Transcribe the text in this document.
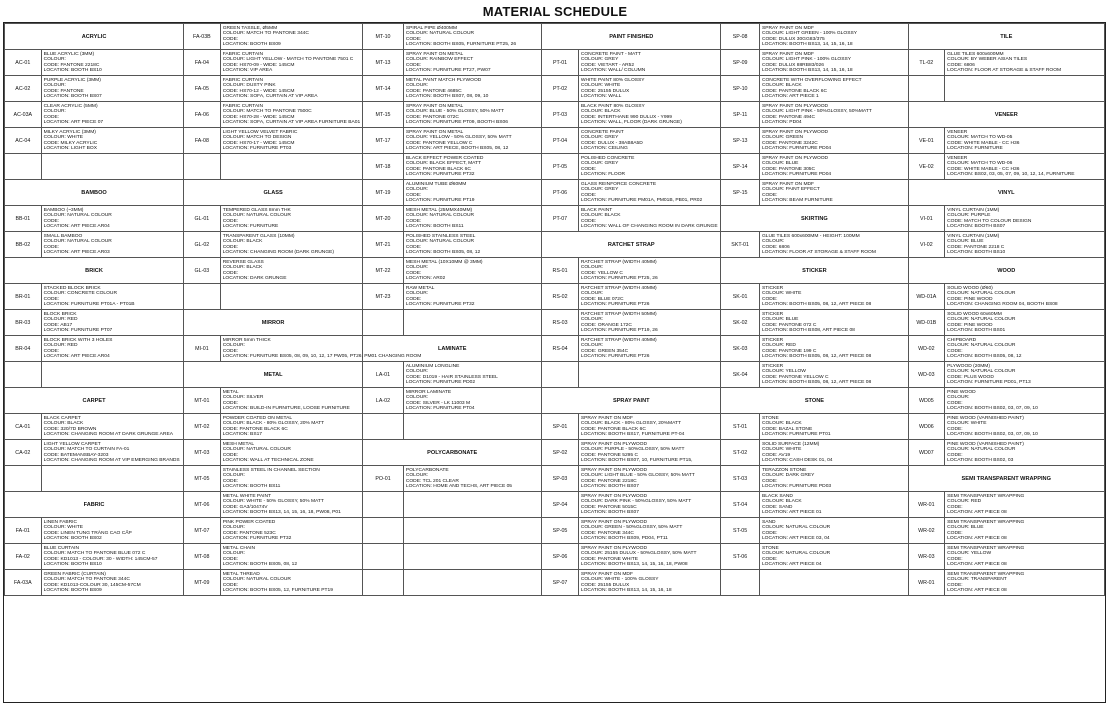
MATERIAL SCHEDULE
ACRYLIC		FA-03B	GREEN TASSLE, Ø5MM
COLOUR: MATCH TO PANTONE 344C
CODE:
LOCATION: BOOTH BS09	MT-10	SPIRAL PIPE Ø400MM
COLOUR: NATURAL COLOUR
CODE:
LOCATION: BOOTH BS05, FURNITURE PT25, 26	PAINT FINISHED		SP-08	SPRAY PAINT ON MDF
COLOUR: LIGHT GREEN - 100% GLOSSY
CODE: DULUX 30GG83/375
LOCATION: BOOTH BS13, 14, 15, 16, 18	TILE	
AC-01	BLUE ACRYLIC (3MM)
COLOUR:
CODE: PANTONE 2218C
LOCATION: BOOTH BS10	FA-04	FABRIC CURTAIN
COLOUR: LIGHT YELLOW - MATCH TO PANTONE 7501 C
CODE: HS70-09 - WIDE: 145CM
LOCATION: VIP AREA	MT-13	SPRAY PAINT ON METAL
COLOUR: RAINBOW EFFECT
CODE:
LOCATION: FURNITURE PT27, PW07	PT-01	CONCRETE PAINT - MATT
COLOUR: GREY
CODE: VIETART - AR52
LOCATION: WALL/ COLUMN	SP-09	SPRAY PAINT ON MDF
COLOUR: LIGHT PINK - 100% GLOSSY
CODE: DULUX 88RB83/026
LOCATION: BOOTH BS13, 14, 15, 16, 18	TL-02	GLUE TILES 600x600MM
COLOUR: BY WEBER ASIAN TILES
CODE: 6806
LOCATION: FLOOR AT STORAGE & STAFF ROOM

AC-02	PURPLE ACRYLIC (3MM)
COLOUR:
CODE: PANTONE
LOCATION: BOOTH BS07	FA-05	FABRIC CURTAIN
COLOUR: DUSTY PINK
CODE: HS70-12 - WIDE: 145CM
LOCATION: SOFA, CURTAIN AT VIP AREA	MT-14	METAL PAINT MATCH PLYWOOD
COLOUR:
CODE: PANTONE 4685C
LOCATION: BOOTH BS07, 08, 09, 10	PT-02	WHITE PAINT 80% GLOSSY
COLOUR: WHITE
CODE: 25155 DULUX
LOCATION: WALL	SP-10	CONCRETE WITH OVERFLOWING EFFECT
COLOUR: BLACK
CODE: PANTONE BLACK 6C
LOCATION: ART PIECE 1		

AC-03A	CLEAR ACRYLIC (5MM)
COLOUR:
CODE:
LOCATION: ART PIECE 07	FA-06	FABRIC CURTAIN
COLOUR: MATCH TO PANTONE 7500C
CODE: HS70-28 - WIDE: 145CM
LOCATION: SOFA, CURTAIN AT VIP AREA FURNITURE BA01	MT-15	SPRAY PAINT ON METAL
COLOUR: BLUE - 50% GLOSSY, 50% MATT
CODE: PANTONE 072C
LOCATION: FURNITURE PT09, BOOTH BS06	PT-03	BLACK PAINT 80% GLOSSY
COLOUR: BLACK
CODE: INTERTHANE 990 DULUX - Y999
LOCATION: WALL, FLOOR (DARK GRUNGE)	SP-11	SPRAY PAINT ON PLYWOOD
COLOUR: LIGHT PINK - 50%GLOSSY, 50%MATT
CODE: PANTONE 494C
LOCATION: PD04	VENEER	
AC-04	MILKY ACRYLIC (3MM)
COLOUR: WHITE
CODE: MILKY ACRYLIC
LOCATION: LIGHT BOX	FA-08	LIGHT YELLOW VELVET FABRIC
COLOUR: MATCH TO DESIGN
CODE: HS70-17 - WIDE: 145CM
LOCATION: FURNITURE PT03	MT-17	SPRAY PAINT ON METAL
COLOUR: YELLOW - 50% GLOSSY, 50% MATT
CODE: PANTONE YELLOW C
LOCATION: ART PIECE, BOOTH BS05, 08, 12	PT-04	CONCRETE PAINT
COLOUR: GREY
CODE: DULUX - 38AB8A5D
LOCATION: CEILING	SP-13	SPRAY PAINT ON PLYWOOD
COLOUR: GREEN
CODE: PANTONE 3242C
LOCATION: FURNITURE PD04	VE-01	VENEER
COLOUR: MATCH TO WD-05
CODE: WHITE MABLE - CC H36
LOCATION: FURNITURE

				MT-18	BLACK EFFECT POWER COATED
COLOUR: BLACK EFFECT, MATT
CODE: PANTONE BLACK 6C
LOCATION: FURNITURE PT32	PT-05	POLISHED CONCRETE
COLOUR: GREY
CODE:
LOCATION: FLOOR	SP-14	SPRAY PAINT ON PLYWOOD
COLOUR: BLUE
CODE: PANTONE 305C
LOCATION: FURNITURE PD04	VE-02	VENEER
COLOUR: MATCH TO WD-06
CODE: WHITE MABLE - CC H36
LOCATION: BS02, 03, 05, 07, 09, 10, 12, 14, FURNITURE

BAMBOO		GLASS		MT-19	ALUMINIUM TUBE Ø60MM
COLOUR:
CODE:
LOCATION: FURNITURE PT19	PT-06	GLASS REINFORCE CONCRETE
COLOUR: GREY
CODE:
LOCATION: FURNITURE PM01A, PM01B, PB01, PR02	SP-15	SPRAY PAINT ON MDF
COLOUR: PAINT EFFECT
CODE:
LOCATION: BEAM FURNITURE	VINYL	
BB-01	BAMBOO (~3MM)
COLOUR: NATURAL COLOUR
CODE:
LOCATION: ART PIECE AR04	GL-01	TEMPERED GLASS 8mm THK
COLOUR: NATURAL COLOUR
CODE:
LOCATION: FURNITURE	MT-20	MESH METAL (25MMX40MM)
COLOUR: NATURAL COLOUR
CODE:
LOCATION: BOOTH BS11	PT-07	BLACK PAINT
COLOUR: BLACK
CODE:
LOCATION: WALL OF CHANGING ROOM IN DARK GRUNGE	SKIRTING		VI-01	VINYL CURTAIN (1MM)
COLOUR: PURPLE
CODE: MATCH TO COLOUR DESIGN
LOCATION: BOOTH BS07

BB-02	SMALL BAMBOO
COLOUR: NATURAL COLOUR
CODE:
LOCATION: ART PIECE AR03	GL-02	TRANSPARENT GLASS (10MM)
COLOUR: BLACK
CODE:
LOCATION: CHANGING ROOM (DARK GRUNGE)	MT-21	POLISHED STAINLESS STEEL
COLOUR: NATURAL COLOUR
CODE:
LOCATION: BOOTH BS05, 08, 12	RATCHET STRAP		SKT-01	GLUE TILES 600x600MM - HEIGHT: 100MM
COLOUR:
CODE: 6806
LOCATION: FLOOR AT STORAGE & STAFF ROOM	VI-02	VINYL CURTAIN (1MM)
COLOUR: BLUE
CODE: PANTONE 2218 C
LOCATION: BOOTH BS10

BRICK		GL-03	REVERSE GLASS
COLOUR: BLACK
CODE:
LOCATION: DARK GRUNGE	MT-22	MESH METAL (10X10MM @ 3MM)
COLOUR:
CODE:
LOCATION: AR02	RS-01	RATCHET STRAP (WIDTH 40MM)
COLOUR:
CODE: YELLOW C
LOCATION: FURNITURE PT25, 26	STICKER		WOOD	
BR-01	STACKED BLOCK BRICK
COLOUR: CONCRETE COLOUR
CODE:
LOCATION: FURNITURE PT01A - PT01B			MT-23	RAW METAL
COLOUR:
CODE:
LOCATION: FURNITURE PT32	RS-02	RATCHET STRAP (WIDTH 40MM)
COLOUR:
CODE: BLUE 072C
LOCATION: FURNITURE PT26	SK-01	STICKER
COLOUR: WHITE
CODE:
LOCATION: BOOTH BS05, 08, 12, ART PIECE 08	WD-01A	SOLID WOOD (Ø60)
COLOUR: NATURAL COLOUR
CODE: PINE WOOD
LOCATION: CHANGING ROOM 04, BOOTH BS08

BR-03	BLOCK BRICK
COLOUR: RED
CODE: AB17
LOCATION: FURNITURE PT07	MIRROR				RS-03	RATCHET STRAP (WIDTH 50MM)
COLOUR:
CODE: ORANGE 172C
LOCATION: FURNITURE PT19, 26	SK-02	STICKER
COLOUR: BLUE
CODE: PANTONE 072 C
LOCATION: BOOTH BS08, ART PIECE 08	WD-01B	SOLID WOOD 60x60MM
COLOUR: NATURAL COLOUR
CODE: PINE WOOD
LOCATION: BOOTH BS01

BR-04	BLOCK BRICK WITH 3 HOLES
COLOUR: RED
CODE:
LOCATION: ART PIECE AR04	MI-01	MIRROR 5mm THICK
COLOUR:
CODE:
LOCATION: FURNITURE BS05, 08, 09, 10, 12, 17 PW05, PT26, PM01 CHANGING ROOM	LAMINATE		RS-04	RATCHET STRAP (WIDTH 40MM)
COLOUR:
CODE: GREEN 354C
LOCATION: FURNITURE PT26	SK-03	STICKER
COLOUR: RED
CODE: PANTONE 199 C
LOCATION: BOOTH BS05, 08, 12, ART PIECE 08	WD-02	CHIPBOARD
COLOUR: NATURAL COLOUR
CODE:
LOCATION: BOOTH BS05, 08, 12

		METAL		LA-01	ALUMINIUM LONGLINE
COLOUR:
CODE: D1019 - HAIR STAINLESS STEEL
LOCATION: FURNITURE PD02			SK-04	STICKER
COLOUR: YELLOW
CODE: PANTONE YELLOW C
LOCATION: BOOTH BS05, 08, 12, ART PIECE 08	WD-03	PLYWOOD (20MM)
COLOUR: NATURAL COLOUR
CODE: PLUS WOOD
LOCATION: FURNITURE PD01, PT13

CARPET		MT-01	METAL
COLOUR: SILVER
CODE:
LOCATION: BUILD-IN FURNITURE, LOOSE FURNITURE	LA-02	MIRROR LAMINATE
COLOUR:
CODE: SILVER - LK 11003 M
LOCATION: FURNITURE PT04	SPRAY PAINT		STONE		WD05	PINE WOOD
COLOUR:
CODE:
LOCATION: BOOTH BS02, 03, 07, 09, 10

CA-01	BLACK CARPET
COLOUR: BLACK
CODE: 320/7D BROWN
LOCATION: CHANGING ROOM AT DARK GRUNGE AREA	MT-02	POWDER COATED ON METAL
COLOUR: BLACK - 80% GLOSSY, 20% MATT
CODE: PANTONE BLACK 6C
LOCATION: BS17			SP-01	SPRAY PAINT ON MDF
COLOUR: BLACK - 80% GLOSSY, 20%MATT
CODE: PANTONE BLACK 6C
LOCATION: BOOTH BS17, FURNITURE PT-04	ST-01	STONE
COLOUR: BLACK
CODE: BAZAL STONE
LOCATION: FURNITURE PT01	WD06	PINE WOOD (VARNISHED PAINT)
COLOUR: WHITE
CODE:
LOCATION: BOOTH BS02, 03, 07, 09, 10

CA-02	LIGHT YELLOW CARPET
COLOUR: MATCH TO CURTAIN FA-01
CODE: BATEMANSBAY-3203
LOCATION: CHANGING ROOM AT VIP EMERGING BRANDS	MT-03	MESH METAL
COLOUR: NATURAL COLOUR
CODE:
LOCATION: WALL AT TECHNICAL ZONE	POLYCARBONATE		SP-02	SPRAY PAINT ON PLYWOOD
COLOUR: PURPLE - 50%GLOSSY, 50% MATT
CODE: PANTONE 5295 C
LOCATION: BOOTH BS07, 10, FURNITURE PT15,	ST-02	SOLID SURFACE (12MM)
COLOUR: WHITE
CODE: AV19
LOCATION: CASH DESK 01, 04	WD07	PINE WOOD (VARNISHED PAINT)
COLOUR: NATURAL COLOUR
CODE:
LOCATION: BOOTH BS02, 03

		MT-05	STAINLESS STEEL IN CHANNEL SECTION
COLOUR:
CODE:
LOCATION: BOOTH BS11	PO-01	POLYCARBONATE
COLOUR:
CODE: TCL 201 CLEAR
LOCATION: HOME AND TECHS, ART PIECE 05	SP-03	SPRAY PAINT ON PLYWOOD
COLOUR: LIGHT BLUE - 50% GLOSSY, 50% MATT
CODE: PANTONE 2218C
LOCATION: BOOTH BS07	ST-03	TERAZZON STONE
COLOUR: DARK GREY
CODE:
LOCATION: FURNITURE PD03	SEMI TRANSPARENT WRAPPING	
FABRIC		MT-06	METAL WHITE PAINT
COLOUR: WHITE - 50% GLOSSY, 50% MATT
CODE: GA3/10474V
LOCATION: BOOTH BS13, 14, 15, 16, 18, PW08, P01			SP-04	SPRAY PAINT ON PLYWOOD
COLOUR: DARK PINK - 50%GLOSSY, 50% MATT
CODE: PANTONE 5015C
LOCATION: BOOTH BS07	ST-04	BLACK SAND
COLOUR: BLACK
CODE: SAND
LOCATION: ART PIECE 01	WR-01	SEMI TRANSPARENT WRAPPING
COLOUR: RED
CODE:
LOCATION: ART PIECE 08

FA-01	LINEN FABRIC
COLOUR: WHITE
CODE: LINEN TUNG TRÀNG CAO CẤP
LOCATION: BOOTH BS02	MT-07	PINK POWER COATED
COLOUR:
CODE: PANTONE 523C
LOCATION: FURNITURE PT32			SP-05	SPRAY PAINT ON PLYWOOD
COLOUR: GREEN - 50%GLOSSY, 50% MATT
CODE: PANTONE 344C
LOCATION: BOOTH BS09, PD04, PT11	ST-05	SAND
COLOUR: NATURAL COLOUR
CODE:
LOCATION: ART PIECE 03, 04	WR-02	SEMI TRANSPARENT WRAPPING
COLOUR: BLUE
CODE:
LOCATION: ART PIECE 08

FA-02	BLUE CURTAIN
COLOUR: MATCH TO PANTONE BLUE 072 C
CODE: KD1013 - COLOUR: 30 - WIDTH: 145CM-57
LOCATION: BOOTH BS10	MT-08	METAL CHAIN
COLOUR:
CODE:
LOCATION: BOOTH BS05, 08, 12			SP-06	SPRAY PAINT ON PLYWOOD
COLOUR: 25155 DULUX - 50%GLOSSY, 50% MATT
CODE: PANTONE WHITE
LOCATION: BOOTH BS13, 14, 15, 16, 18, PW08	ST-06	STONE
COLOUR: NATURAL COLOUR
CODE:
LOCATION: ART PIECE 04	WR-03	SEMI TRANSPARENT WRAPPING
COLOUR: YELLOW
CODE:
LOCATION: ART PIECE 08

FA-03A	GREEN FABRIC (CURTAIN)
COLOUR: MATCH TO PANTONE 344C
CODE: KD1013-COLOUR 30, 145CM-57CM
LOCATION: BOOTH BS09	MT-09	METAL THREAD
COLOUR: NATURAL COLOUR
CODE:
LOCATION: BOOTH BS05, 12, FURNITURE PT19			SP-07	SPRAY PAINT ON MDF
COLOUR: WHITE - 100% GLOSSY
CODE: 25155 DULUX
LOCATION: BOOTH BS13, 14, 15, 16, 18			WR-01	SEMI TRANSPARENT WRAPPING
COLOUR: TRANSPARENT
CODE:
LOCATION: ART PIECE 08
